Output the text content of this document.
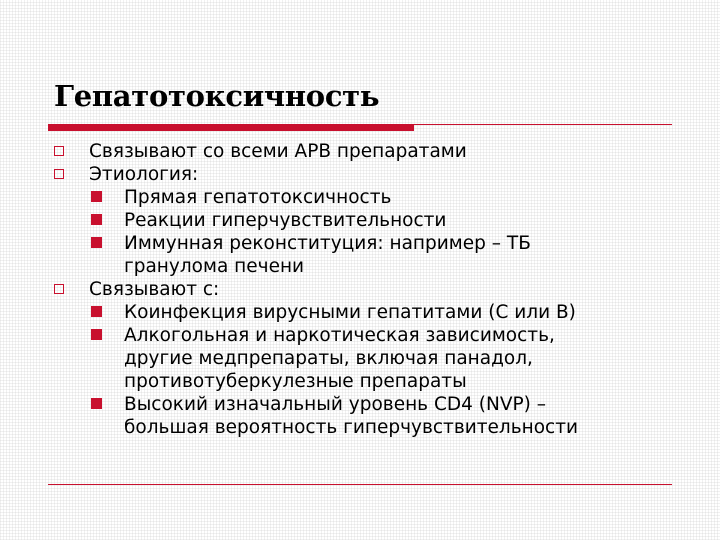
Гепатотоксичность
Связывают со всеми АРВ препаратами
Этиология:
Прямая гепатотоксичность
Реакции гиперчувствительности
Иммунная реконституция: например – ТБ
гранулома печени
Связывают с:
Коинфекция вирусными гепатитами (С или В)
Алкогольная и наркотическая зависимость,
другие медпрепараты, включая панадол,
противотуберкулезные препараты
Высокий изначальный уровень CD4 (NVP) –
большая вероятность гиперчувствительности
